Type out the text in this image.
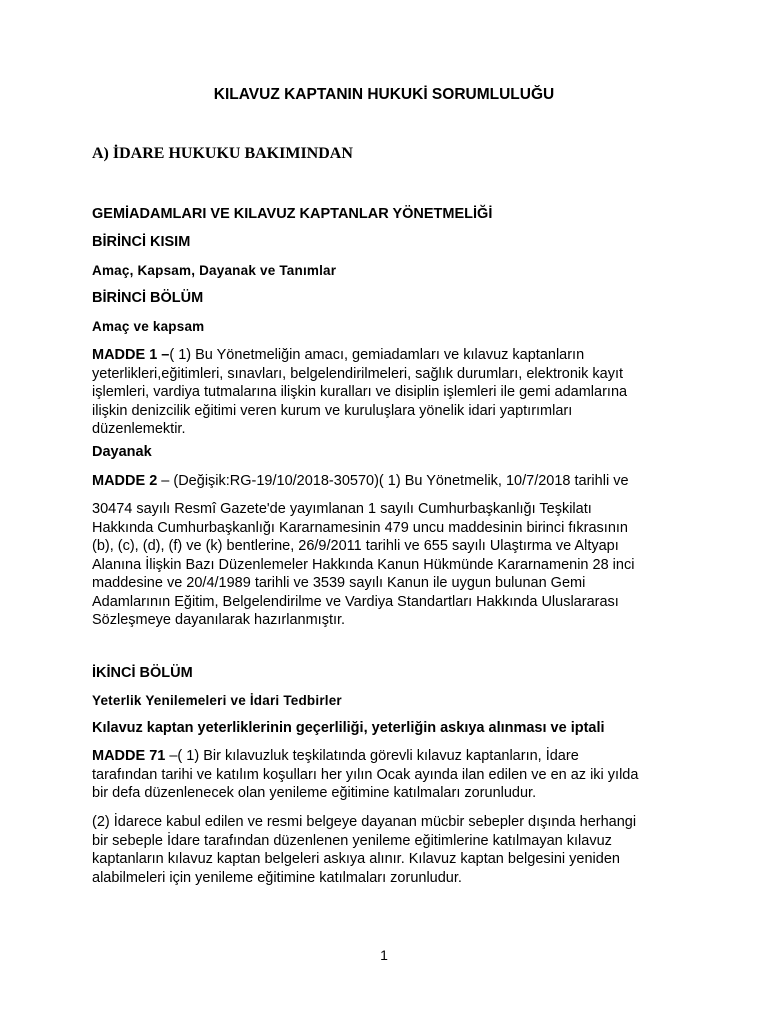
KILAVUZ KAPTANIN HUKUKİ SORUMLULUĞU
A) İDARE HUKUKU BAKIMINDAN
GEMİADAMLARI VE KILAVUZ KAPTANLAR YÖNETMELİĞİ
BİRİNCİ KISIM
Amaç, Kapsam, Dayanak ve Tanımlar
BİRİNCİ BÖLÜM
Amaç ve kapsam
MADDE 1 –( 1) Bu Yönetmeliğin amacı, gemiadamları ve kılavuz kaptanların
yeterlikleri,eğitimleri, sınavları, belgelendirilmeleri, sağlık durumları, elektronik kayıt
işlemleri, vardiya tutmalarına ilişkin kuralları ve disiplin işlemleri ile gemi adamlarına
ilişkin denizcilik eğitimi veren kurum ve kuruluşlara yönelik idari yaptırımları
düzenlemektir.
Dayanak
MADDE 2 – (Değişik:RG-19/10/2018-30570)( 1) Bu Yönetmelik, 10/7/2018 tarihli ve
30474 sayılı Resmî Gazete'de yayımlanan 1 sayılı Cumhurbaşkanlığı Teşkilatı
Hakkında Cumhurbaşkanlığı Kararnamesinin 479 uncu maddesinin birinci fıkrasının
(b), (c), (d), (f) ve (k) bentlerine, 26/9/2011 tarihli ve 655 sayılı Ulaştırma ve Altyapı
Alanına İlişkin Bazı Düzenlemeler Hakkında Kanun Hükmünde Kararnamenin 28 inci
maddesine ve 20/4/1989 tarihli ve 3539 sayılı Kanun ile uygun bulunan Gemi
Adamlarının Eğitim, Belgelendirilme ve Vardiya Standartları Hakkında Uluslararası
Sözleşmeye dayanılarak hazırlanmıştır.
İKİNCİ BÖLÜM
Yeterlik Yenilemeleri ve İdari Tedbirler
Kılavuz kaptan yeterliklerinin geçerliliği, yeterliğin askıya alınması ve iptali
MADDE 71 –( 1) Bir kılavuzluk teşkilatında görevli kılavuz kaptanların, İdare
tarafından tarihi ve katılım koşulları her yılın Ocak ayında ilan edilen ve en az iki yılda
bir defa düzenlenecek olan yenileme eğitimine katılmaları zorunludur.
(2) İdarece kabul edilen ve resmi belgeye dayanan mücbir sebepler dışında herhangi
bir sebeple İdare tarafından düzenlenen yenileme eğitimlerine katılmayan kılavuz
kaptanların kılavuz kaptan belgeleri askıya alınır. Kılavuz kaptan belgesini yeniden
alabilmeleri için yenileme eğitimine katılmaları zorunludur.
1
